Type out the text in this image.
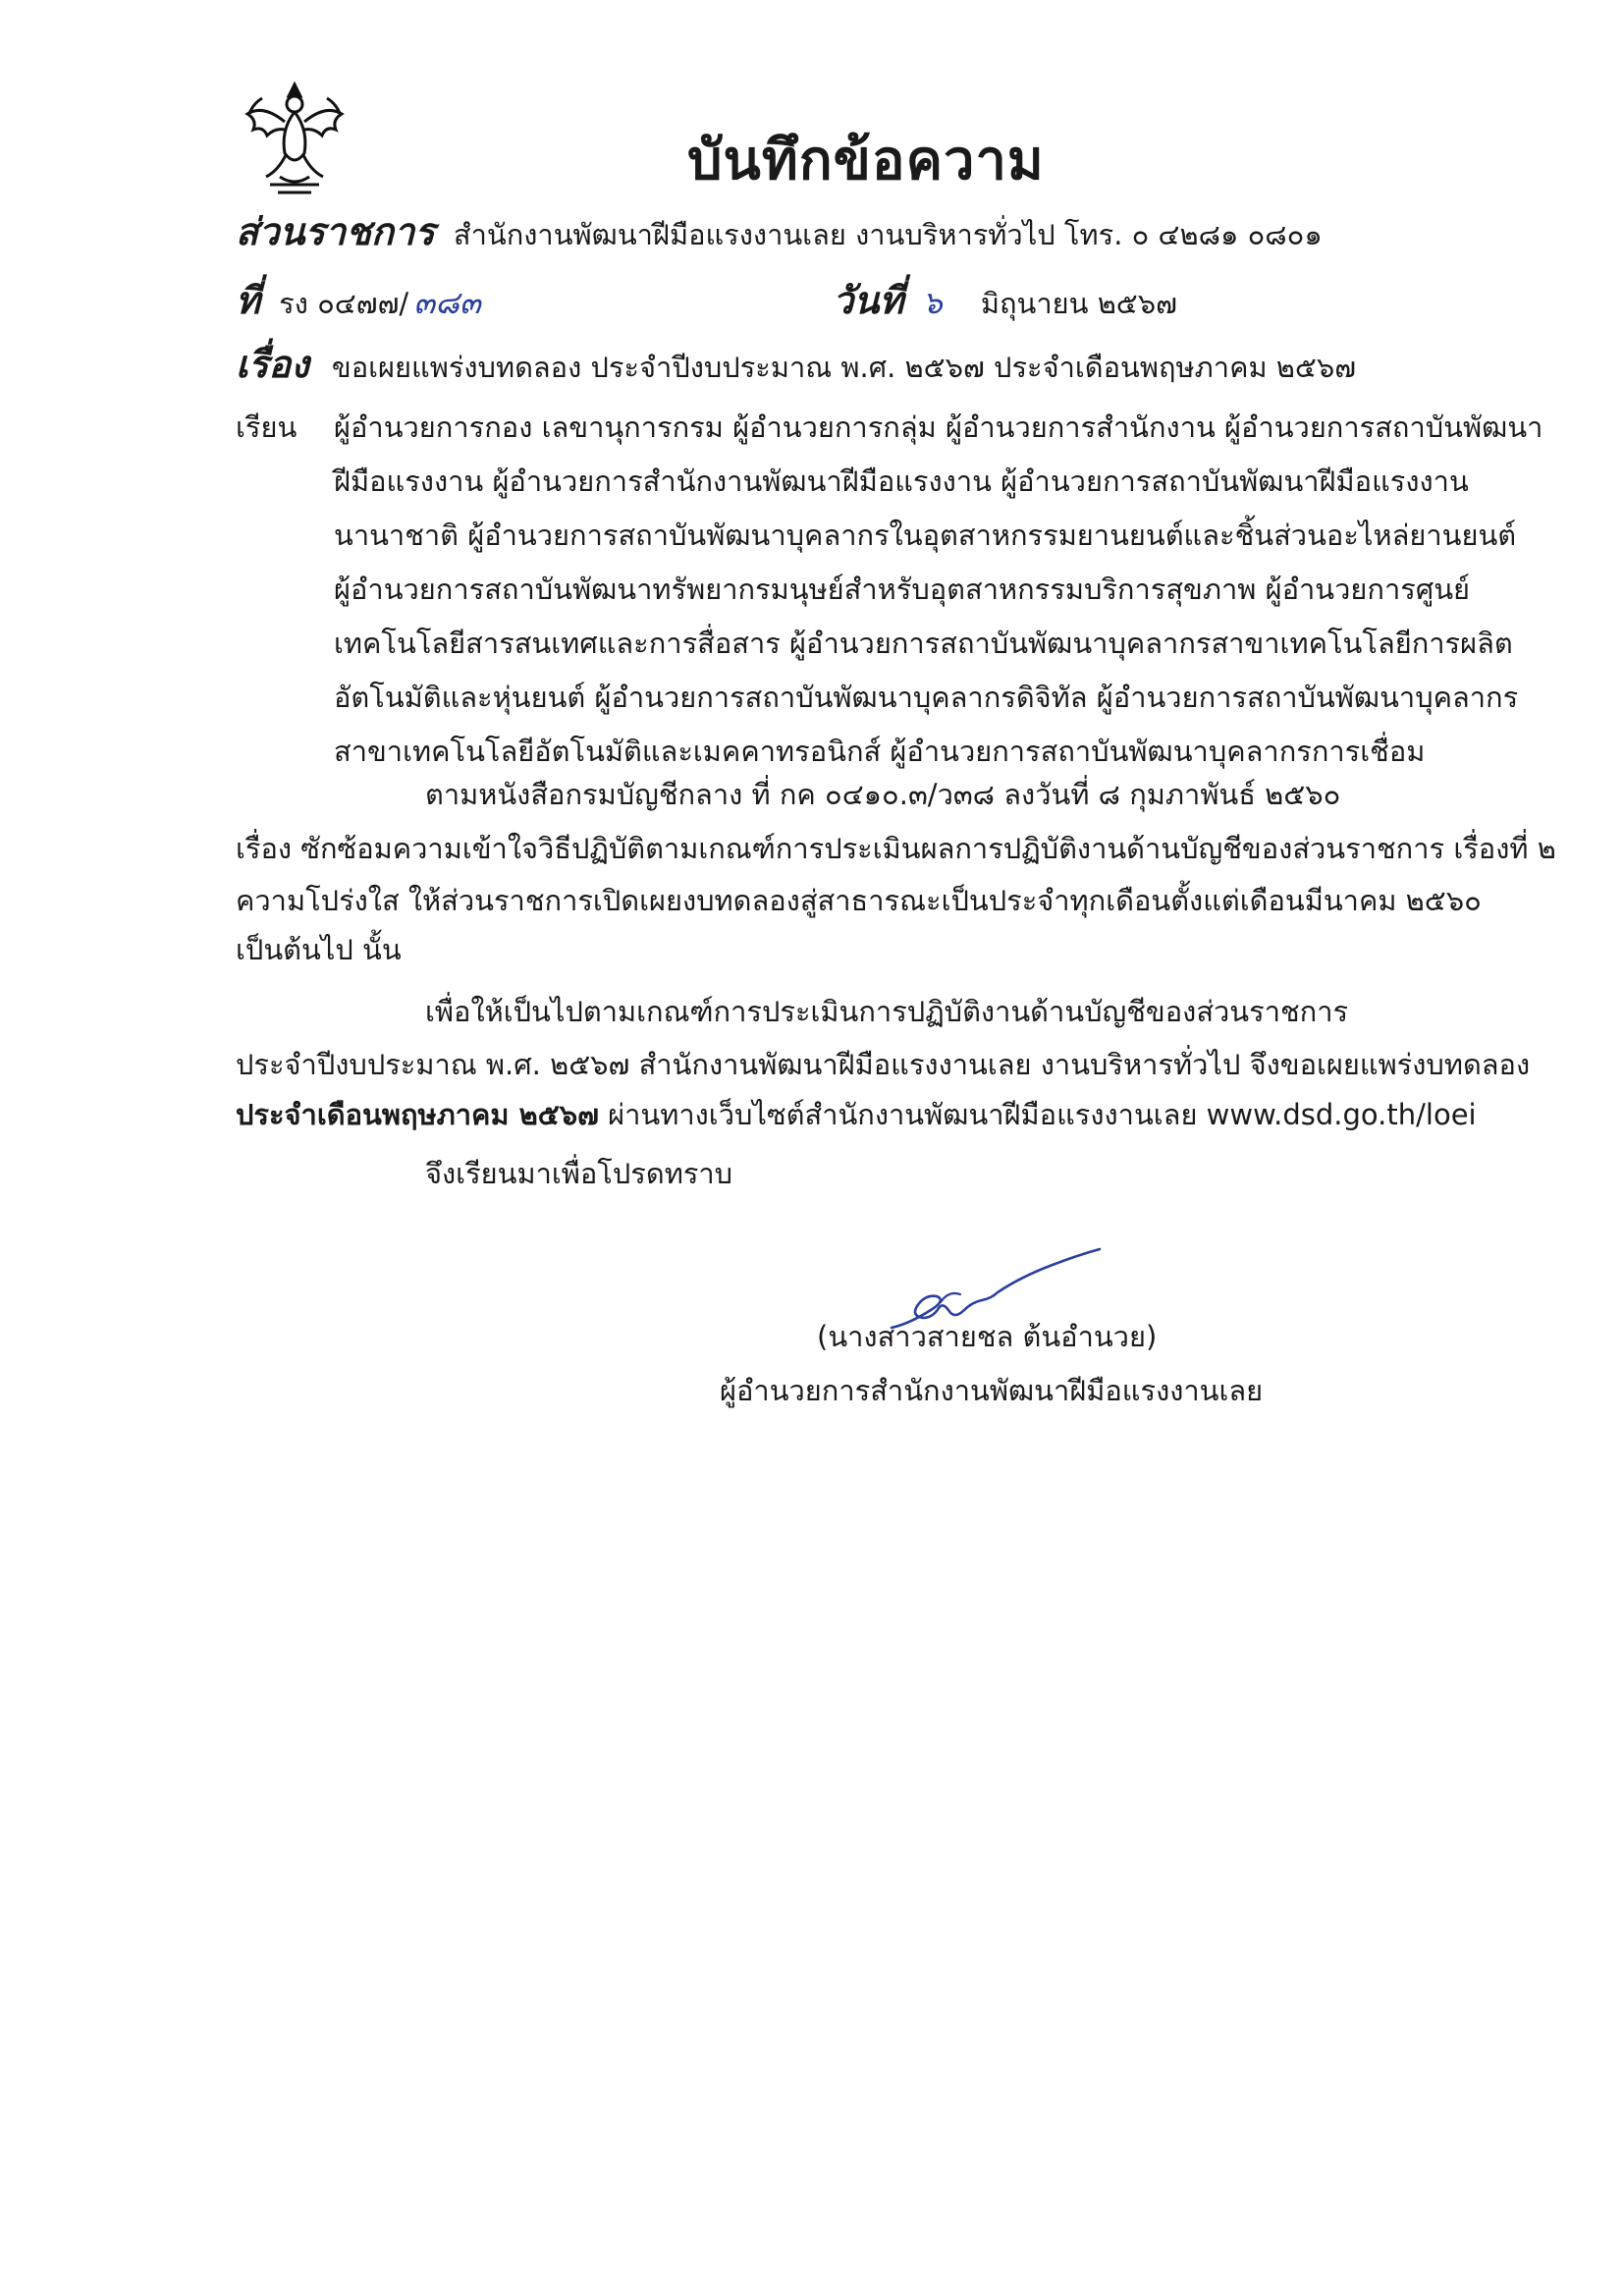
บันทึกข้อความ
ส่วนราชการ สำนักงานพัฒนาฝีมือแรงงานเลย งานบริหารทั่วไป โทร. ๐ ๔๒๘๑ ๐๘๐๑
ที่ รง ๐๔๗๗/ ๓๘๓	วันที่ ๖ มิถุนายน ๒๕๖๗
เรื่อง ขอเผยแพร่งบทดลอง ประจำปีงบประมาณ พ.ศ. ๒๕๖๗ ประจำเดือนพฤษภาคม ๒๕๖๗
เรียน ผู้อำนวยการกอง เลขานุการกรม ผู้อำนวยการกลุ่ม ผู้อำนวยการสำนักงาน ผู้อำนวยการสถาบันพัฒนา
ฝีมือแรงงาน ผู้อำนวยการสำนักงานพัฒนาฝีมือแรงงาน ผู้อำนวยการสถาบันพัฒนาฝีมือแรงงาน
นานาชาติ ผู้อำนวยการสถาบันพัฒนาบุคลากรในอุตสาหกรรมยานยนต์และชิ้นส่วนอะไหล่ยานยนต์
ผู้อำนวยการสถาบันพัฒนาทรัพยากรมนุษย์สำหรับอุตสาหกรรมบริการสุขภาพ ผู้อำนวยการศูนย์
เทคโนโลยีสารสนเทศและการสื่อสาร ผู้อำนวยการสถาบันพัฒนาบุคลากรสาขาเทคโนโลยีการผลิต
อัตโนมัติและหุ่นยนต์ ผู้อำนวยการสถาบันพัฒนาบุคลากรดิจิทัล ผู้อำนวยการสถาบันพัฒนาบุคลากร
สาขาเทคโนโลยีอัตโนมัติและเมคคาทรอนิกส์ ผู้อำนวยการสถาบันพัฒนาบุคลากรการเชื่อม
ตามหนังสือกรมบัญชีกลาง ที่ กค ๐๔๑๐.๓/ว๓๘ ลงวันที่ ๘ กุมภาพันธ์ ๒๕๖๐
เรื่อง ซักซ้อมความเข้าใจวิธีปฏิบัติตามเกณฑ์การประเมินผลการปฏิบัติงานด้านบัญชีของส่วนราชการ เรื่องที่ ๒
ความโปร่งใส ให้ส่วนราชการเปิดเผยงบทดลองสู่สาธารณะเป็นประจำทุกเดือนตั้งแต่เดือนมีนาคม ๒๕๖๐
เป็นต้นไป นั้น
เพื่อให้เป็นไปตามเกณฑ์การประเมินการปฏิบัติงานด้านบัญชีของส่วนราชการ
ประจำปีงบประมาณ พ.ศ. ๒๕๖๗ สำนักงานพัฒนาฝีมือแรงงานเลย งานบริหารทั่วไป จึงขอเผยแพร่งบทดลอง
ประจำเดือนพฤษภาคม ๒๕๖๗ ผ่านทางเว็บไซต์สำนักงานพัฒนาฝีมือแรงงานเลย www.dsd.go.th/loei
จึงเรียนมาเพื่อโปรดทราบ
(นางสาวสายชล ต้นอำนวย)
ผู้อำนวยการสำนักงานพัฒนาฝีมือแรงงานเลย
